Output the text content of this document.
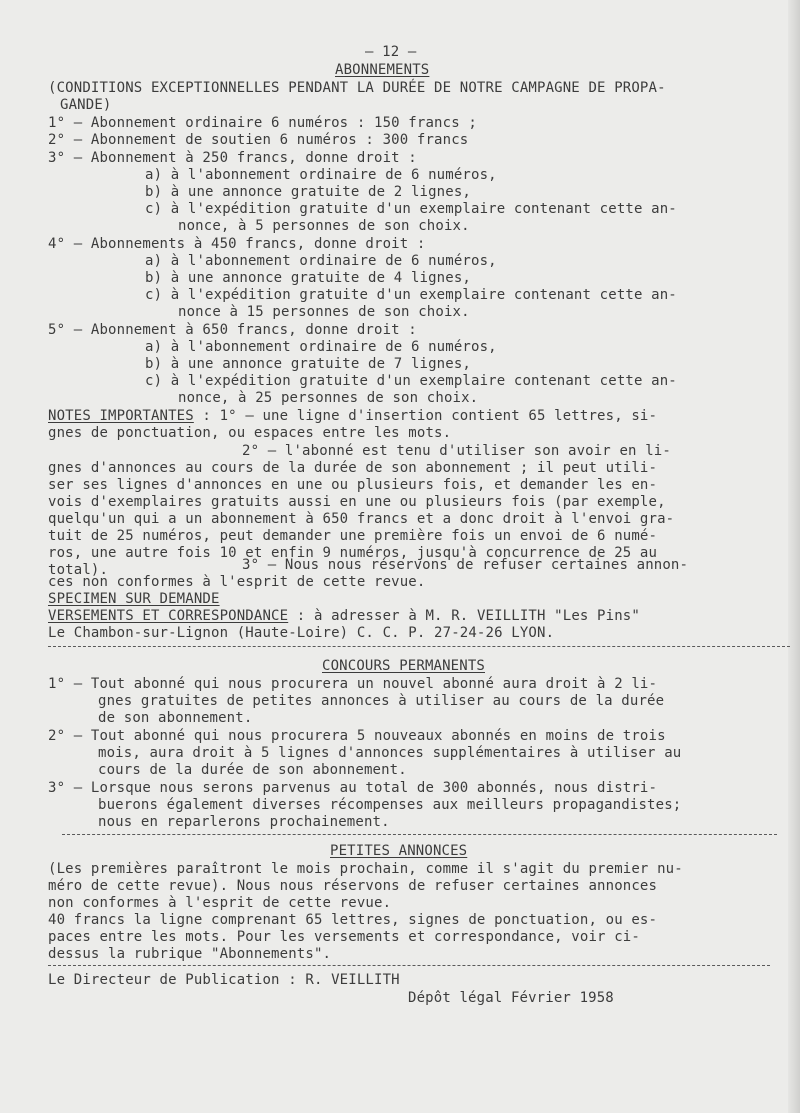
– 12 –
ABONNEMENTS
(CONDITIONS EXCEPTIONNELLES PENDANT LA DURÉE DE NOTRE CAMPAGNE DE PROPA-
GANDE)
1° – Abonnement ordinaire 6 numéros : 150 francs ;
2° – Abonnement de soutien 6 numéros : 300 francs
3° – Abonnement à 250 francs, donne droit :
a) à l'abonnement ordinaire de 6 numéros,
b) à une annonce gratuite de 2 lignes,
c) à l'expédition gratuite d'un exemplaire contenant cette an-
nonce, à 5 personnes de son choix.
4° – Abonnements à 450 francs, donne droit :
a) à l'abonnement ordinaire de 6 numéros,
b) à une annonce gratuite de 4 lignes,
c) à l'expédition gratuite d'un exemplaire contenant cette an-
nonce à 15 personnes de son choix.
5° – Abonnement à 650 francs, donne droit :
a) à l'abonnement ordinaire de 6 numéros,
b) à une annonce gratuite de 7 lignes,
c) à l'expédition gratuite d'un exemplaire contenant cette an-
nonce, à 25 personnes de son choix.
NOTES IMPORTANTES : 1° – une ligne d'insertion contient 65 lettres, si-
gnes de ponctuation, ou espaces entre les mots.
2° – l'abonné est tenu d'utiliser son avoir en li-
gnes d'annonces au cours de la durée de son abonnement ; il peut utili-
ser ses lignes d'annonces en une ou plusieurs fois, et demander les en-
vois d'exemplaires gratuits aussi en une ou plusieurs fois (par exemple,
quelqu'un qui a un abonnement à 650 francs et a donc droit à l'envoi gra-
tuit de 25 numéros, peut demander une première fois un envoi de 6 numé-
ros, une autre fois 10 et enfin 9 numéros, jusqu'à concurrence de 25 au
total).	3° – Nous nous réservons de refuser certaines annon-
ces non conformes à l'esprit de cette revue.
SPECIMEN SUR DEMANDE
VERSEMENTS ET CORRESPONDANCE : à adresser à M. R. VEILLITH "Les Pins"
Le Chambon-sur-Lignon (Haute-Loire) C. C. P. 27-24-26 LYON.
CONCOURS PERMANENTS
1° – Tout abonné qui nous procurera un nouvel abonné aura droit à 2 li-
gnes gratuites de petites annonces à utiliser au cours de la durée
de son abonnement.
2° – Tout abonné qui nous procurera 5 nouveaux abonnés en moins de trois
mois, aura droit à 5 lignes d'annonces supplémentaires à utiliser au
cours de la durée de son abonnement.
3° – Lorsque nous serons parvenus au total de 300 abonnés, nous distri-
buerons également diverses récompenses aux meilleurs propagandistes;
nous en reparlerons prochainement.
PETITES ANNONCES
(Les premières paraîtront le mois prochain, comme il s'agit du premier nu-
méro de cette revue). Nous nous réservons de refuser certaines annonces
non conformes à l'esprit de cette revue.
40 francs la ligne comprenant 65 lettres, signes de ponctuation, ou es-
paces entre les mots. Pour les versements et correspondance, voir ci-
dessus la rubrique "Abonnements".
Le Directeur de Publication : R. VEILLITH
Dépôt légal Février 1958
